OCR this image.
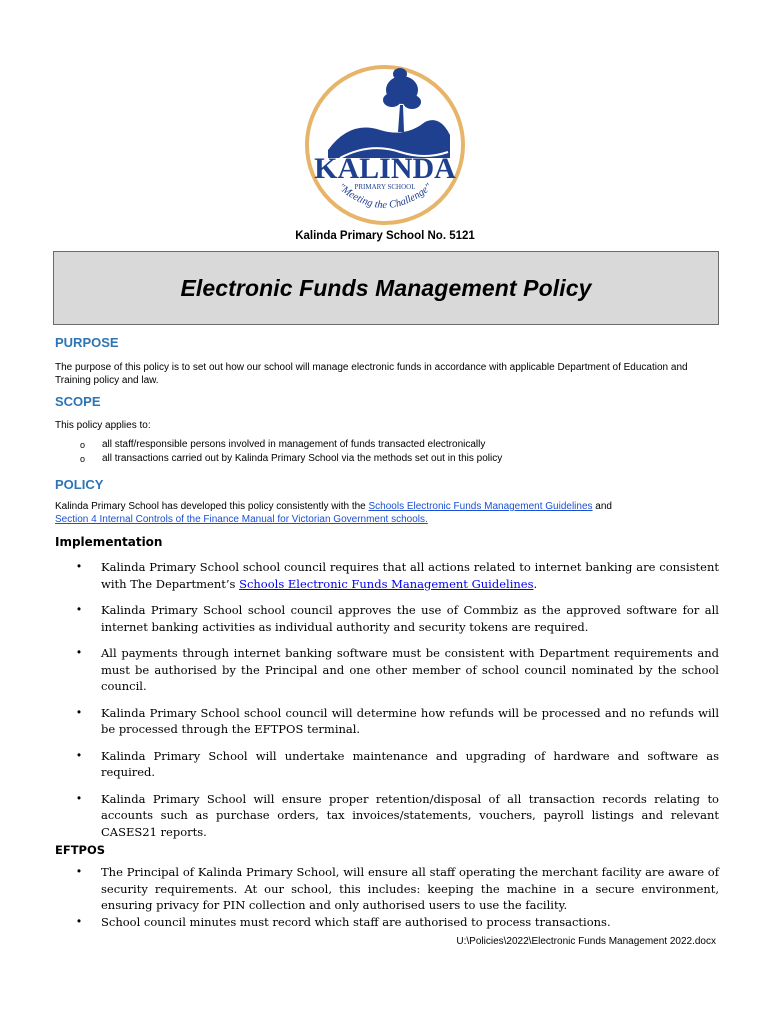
KALINDA
PRIMARY SCHOOL
"Meeting the Challenge"
Kalinda Primary School No. 5121
Electronic Funds Management Policy
PURPOSE
The purpose of this policy is to set out how our school will manage electronic funds in accordance with applicable Department of Education and Training policy and law.
SCOPE
This policy applies to:
o all staff/responsible persons involved in management of funds transacted electronically
o all transactions carried out by Kalinda Primary School via the methods set out in this policy
POLICY
Kalinda Primary School has developed this policy consistently with the Schools Electronic Funds Management Guidelines and
Section 4 Internal Controls of the Finance Manual for Victorian Government schools.
Implementation
• Kalinda Primary School school council requires that all actions related to internet banking are consistent with The Department’s Schools Electronic Funds Management Guidelines.
• Kalinda Primary School school council approves the use of Commbiz as the approved software for all internet banking activities as individual authority and security tokens are required.
• All payments through internet banking software must be consistent with Department requirements and must be authorised by the Principal and one other member of school council nominated by the school council.
• Kalinda Primary School school council will determine how refunds will be processed and no refunds will be processed through the EFTPOS terminal.
• Kalinda Primary School will undertake maintenance and upgrading of hardware and software as required.
• Kalinda Primary School will ensure proper retention/disposal of all transaction records relating to accounts such as purchase orders, tax invoices/statements, vouchers, payroll listings and relevant CASES21 reports.
EFTPOS
• The Principal of Kalinda Primary School, will ensure all staff operating the merchant facility are aware of security requirements. At our school, this includes: keeping the machine in a secure environment, ensuring privacy for PIN collection and only authorised users to use the facility.
• School council minutes must record which staff are authorised to process transactions.
U:\Policies\2022\Electronic Funds Management 2022.docx
